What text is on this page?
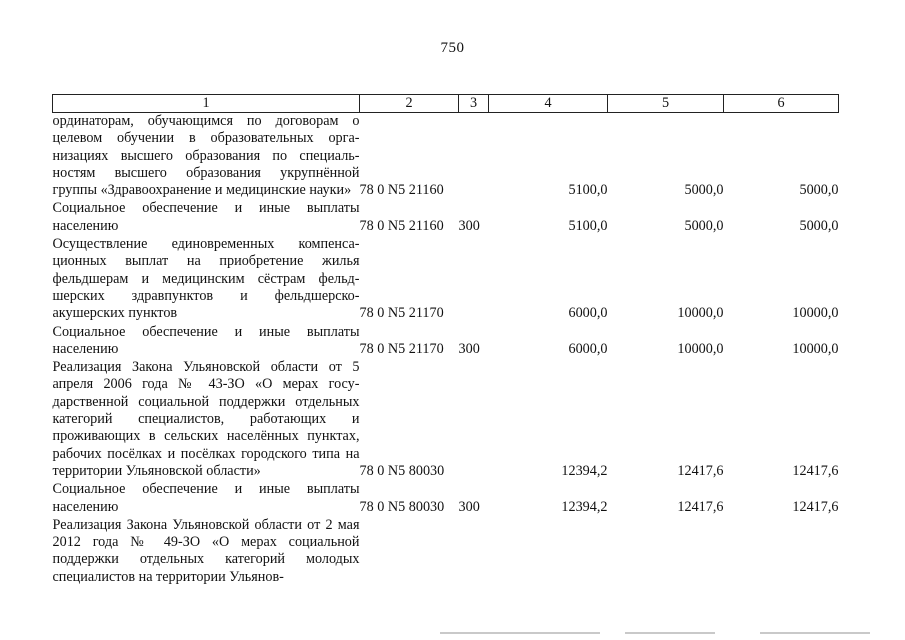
750
1	2	3	4	5	6
ординаторам, обучающимся по договорам о целевом обучении в образовательных организациях высшего образования по специальностям высшего образования укрупнённой группы «Здравоохранение и медицинские науки»	78 0 N5 21160		5100,0	5000,0	5000,0
Социальное обеспечение и иные выплаты населению	78 0 N5 21160	300	5100,0	5000,0	5000,0
Осуществление единовременных компенсационных выплат на приобретение жилья фельдшерам и медицинским сёстрам фельдшерских здравпунктов и фельдшерско-акушерских пунктов	78 0 N5 21170		6000,0	10000,0	10000,0
Социальное обеспечение и иные выплаты населению	78 0 N5 21170	300	6000,0	10000,0	10000,0
Реализация Закона Ульяновской области от 5 апреля 2006 года № 43-ЗО «О мерах государственной социальной поддержки отдельных категорий специалистов, работающих и проживающих в сельских населённых пунктах, рабочих посёлках и посёлках городского типа на территории Ульяновской области»	78 0 N5 80030		12394,2	12417,6	12417,6
Социальное обеспечение и иные выплаты населению	78 0 N5 80030	300	12394,2	12417,6	12417,6
Реализация Закона Ульяновской области от 2 мая 2012 года № 49-ЗО «О мерах социальной поддержки отдельных категорий молодых специалистов на территории Ульянов-					
